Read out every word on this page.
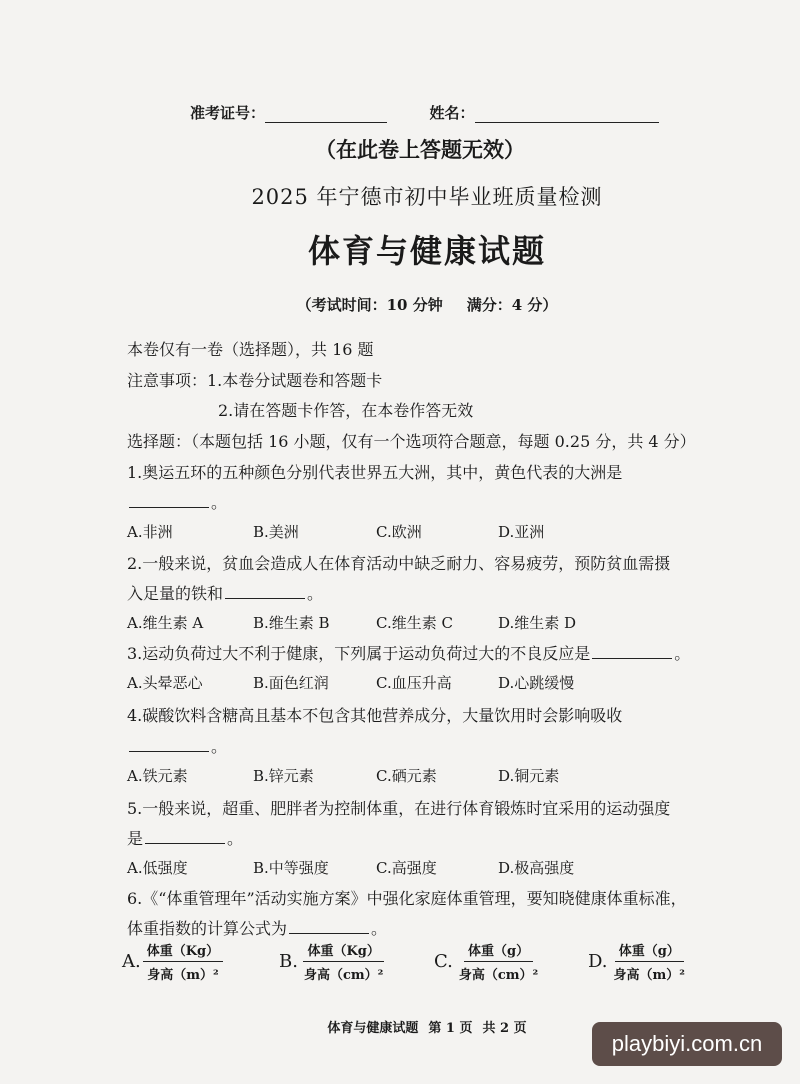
准考证号：	姓名：
（在此卷上答题无效）
2025 年宁德市初中毕业班质量检测
体育与健康试题
（考试时间：10 分钟 满分：4 分）
本卷仅有一卷（选择题），共 16 题
注意事项：1.本卷分试题卷和答题卡
2.请在答题卡作答，在本卷作答无效
选择题：（本题包括 16 小题，仅有一个选项符合题意，每题 0.25 分，共 4 分）
1.奥运五环的五种颜色分别代表世界五大洲，其中，黄色代表的大洲是
。
A.非洲	B.美洲	C.欧洲	D.亚洲
2.一般来说，贫血会造成人在体育活动中缺乏耐力、容易疲劳，预防贫血需摄
入足量的铁和	。
A.维生素 A	B.维生素 B	C.维生素 C	D.维生素 D
3.运动负荷过大不利于健康，下列属于运动负荷过大的不良反应是	。
A.头晕恶心	B.面色红润	C.血压升高	D.心跳缓慢
4.碳酸饮料含糖高且基本不包含其他营养成分，大量饮用时会影响吸收
。
A.铁元素	B.锌元素	C.硒元素	D.铜元素
5.一般来说，超重、肥胖者为控制体重，在进行体育锻炼时宜采用的运动强度
是	。
A.低强度	B.中等强度	C.高强度	D.极高强度
6.《“体重管理年”活动实施方案》中强化家庭体重管理，要知晓健康体重标准，
体重指数的计算公式为	。
A. $\frac{\text{体重（Kg）}}{\text{身高（m）²}}$	B. $\frac{\text{体重（Kg）}}{\text{身高（cm）²}}$	C. $\frac{\text{体重（g）}}{\text{身高（cm）²}}$	D. $\frac{\text{体重（g）}}{\text{身高（m）²}}$
体育与健康试题 第 1 页 共 2 页
playbiyi.com.cn
